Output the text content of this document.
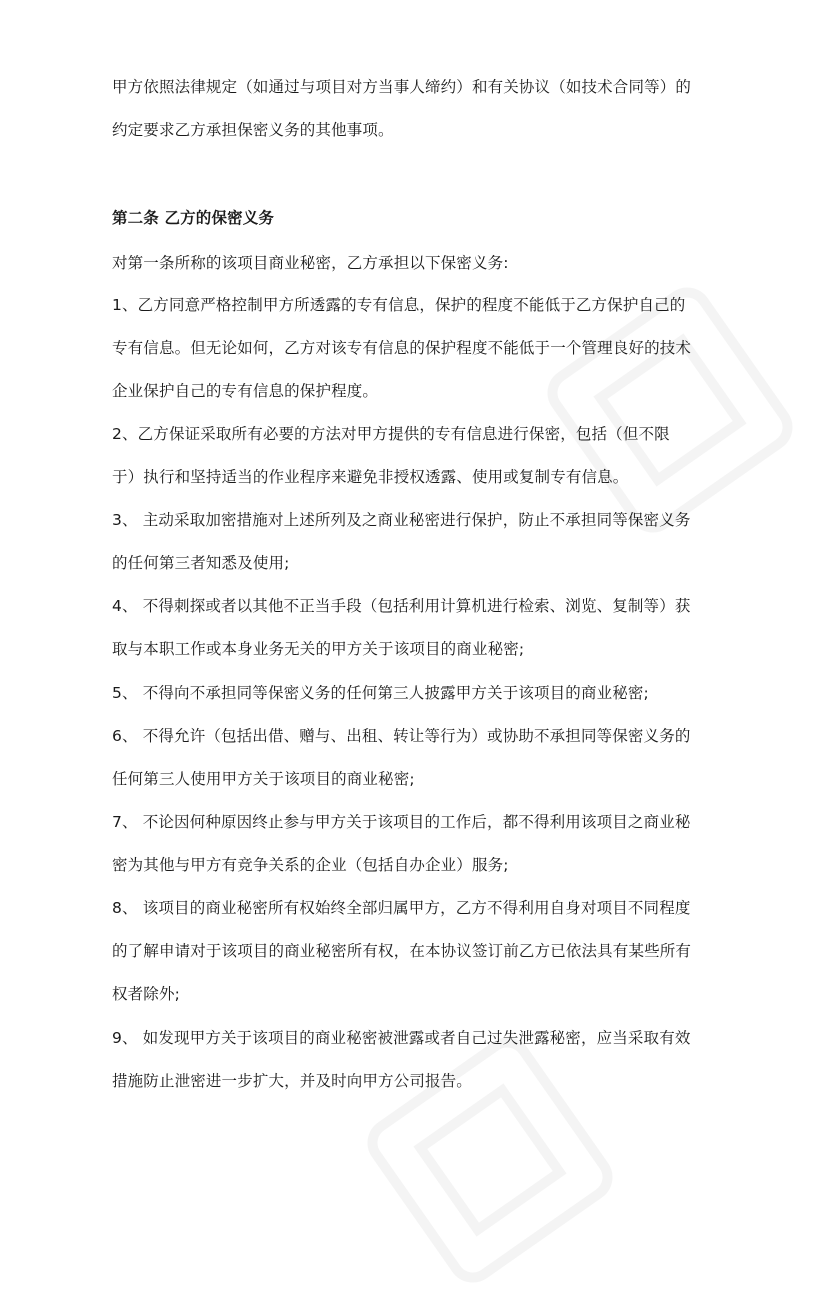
甲方依照法律规定（如通过与项目对方当事人缔约）和有关协议（如技术合同等）的
约定要求乙方承担保密义务的其他事项。
第二条 乙方的保密义务
对第一条所称的该项目商业秘密，乙方承担以下保密义务:
1、乙方同意严格控制甲方所透露的专有信息，保护的程度不能低于乙方保护自己的
专有信息。但无论如何，乙方对该专有信息的保护程度不能低于一个管理良好的技术
企业保护自己的专有信息的保护程度。
2、乙方保证采取所有必要的方法对甲方提供的专有信息进行保密，包括（但不限
于）执行和坚持适当的作业程序来避免非授权透露、使用或复制专有信息。
3、 主动采取加密措施对上述所列及之商业秘密进行保护，防止不承担同等保密义务
的任何第三者知悉及使用;
4、 不得刺探或者以其他不正当手段（包括利用计算机进行检索、浏览、复制等）获
取与本职工作或本身业务无关的甲方关于该项目的商业秘密;
5、 不得向不承担同等保密义务的任何第三人披露甲方关于该项目的商业秘密;
6、 不得允许（包括出借、赠与、出租、转让等行为）或协助不承担同等保密义务的
任何第三人使用甲方关于该项目的商业秘密;
7、 不论因何种原因终止参与甲方关于该项目的工作后，都不得利用该项目之商业秘
密为其他与甲方有竞争关系的企业（包括自办企业）服务;
8、 该项目的商业秘密所有权始终全部归属甲方，乙方不得利用自身对项目不同程度
的了解申请对于该项目的商业秘密所有权，在本协议签订前乙方已依法具有某些所有
权者除外;
9、 如发现甲方关于该项目的商业秘密被泄露或者自己过失泄露秘密，应当采取有效
措施防止泄密进一步扩大，并及时向甲方公司报告。
